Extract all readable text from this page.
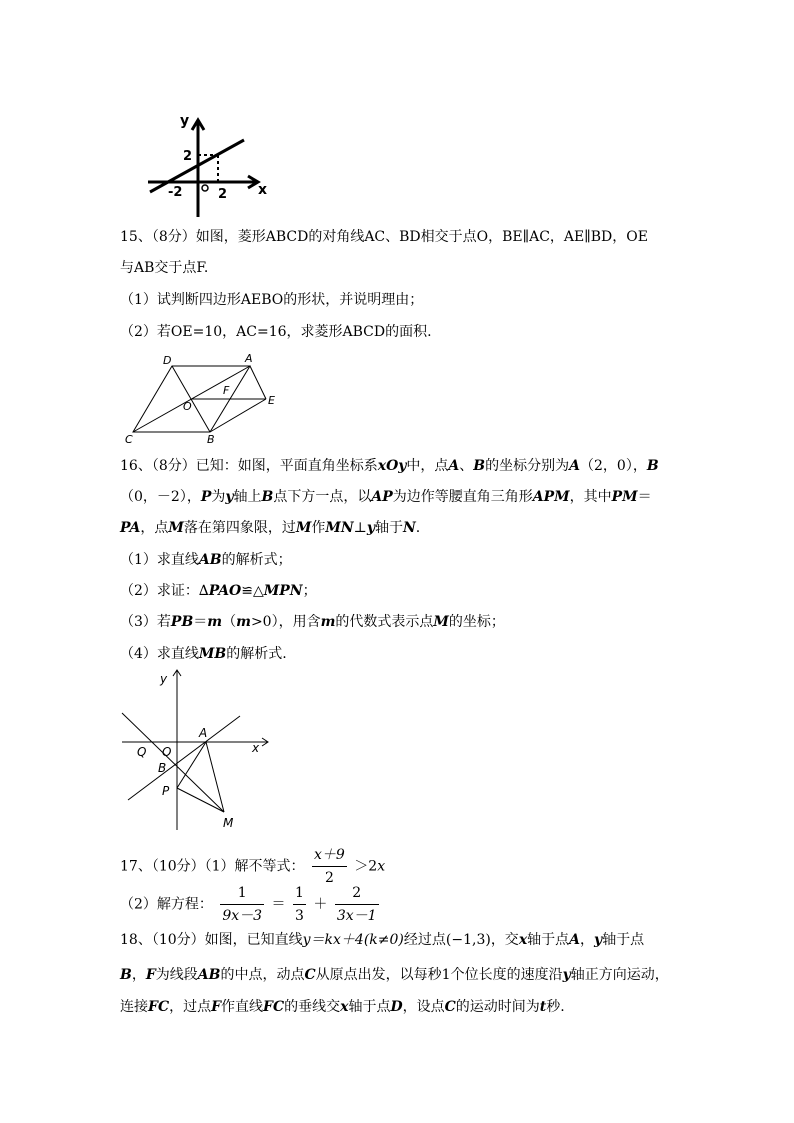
y
x
2
-2	2
15、（8分）如图，菱形ABCD的对角线AC、BD相交于点O，BE∥AC，AE∥BD，OE
与AB交于点F.
（1）试判断四边形AEBO的形状，并说明理由；
（2）若OE=10，AC=16，求菱形ABCD的面积.
D	A
F
O	E
C	B
16、（8分）已知：如图，平面直角坐标系xOy中，点A、B的坐标分别为A（2，0），B
（0，－2），P为y轴上B点下方一点，以AP为边作等腰直角三角形APM，其中PM＝
PA，点M落在第四象限，过M作MN⊥y轴于N.
（1）求直线AB的解析式；
（2）求证：∆PAO≌△MPN；
（3）若PB＝m（m>0），用含m的代数式表示点M的坐标；
（4）求直线MB的解析式.
y
x
Q O
A
B
P
M
17、（10分）（1）解不等式： $\frac{x+9}{2} >2x$
（2）解方程： $\frac{1}{9x-3} = \frac{1}{3} + \frac{2}{3x-1}$
18、（10分）如图，已知直线y＝kx＋4(k≠0)经过点(−1,3)，交x轴于点A，y轴于点
B，F为线段AB的中点，动点C从原点出发，以每秒1个位长度的速度沿y轴正方向运动，
连接FC，过点F作直线FC的垂线交x轴于点D，设点C的运动时间为t秒.
